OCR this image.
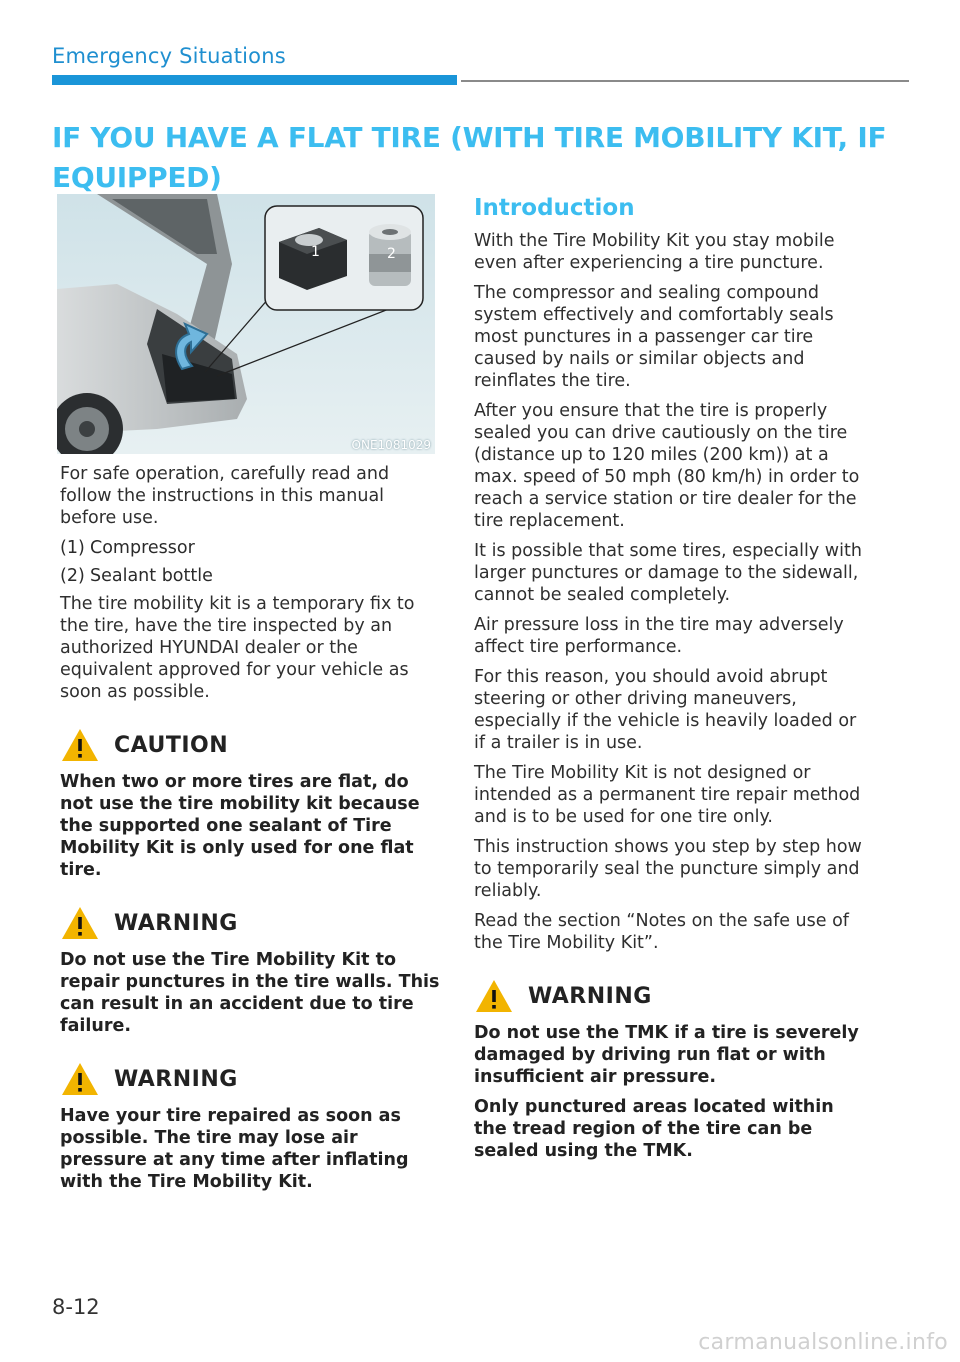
Emergency Situations
IF YOU HAVE A FLAT TIRE (WITH TIRE MOBILITY KIT, IF EQUIPPED)
1	2
ONE1081029

For safe operation, carefully read and follow the instructions in this manual before use.

(1) Compressor
(2) Sealant bottle

The tire mobility kit is a temporary fix to the tire, have the tire inspected by an authorized HYUNDAI dealer or the equivalent approved for your vehicle as soon as possible.

CAUTION

When two or more tires are flat, do not use the tire mobility kit because the supported one sealant of Tire Mobility Kit is only used for one flat tire.

WARNING

Do not use the Tire Mobility Kit to repair punctures in the tire walls. This can result in an accident due to tire failure.

WARNING

Have your tire repaired as soon as possible. The tire may lose air pressure at any time after inflating with the Tire Mobility Kit.

Introduction

With the Tire Mobility Kit you stay mobile even after experiencing a tire puncture.

The compressor and sealing compound system effectively and comfortably seals most punctures in a passenger car tire caused by nails or similar objects and reinflates the tire.

After you ensure that the tire is properly sealed you can drive cautiously on the tire (distance up to 120 miles (200 km)) at a max. speed of 50 mph (80 km/h) in order to reach a service station or tire dealer for the tire replacement.

It is possible that some tires, especially with larger punctures or damage to the sidewall, cannot be sealed completely.

Air pressure loss in the tire may adversely affect tire performance.

For this reason, you should avoid abrupt steering or other driving maneuvers, especially if the vehicle is heavily loaded or if a trailer is in use.

The Tire Mobility Kit is not designed or intended as a permanent tire repair method and is to be used for one tire only.

This instruction shows you step by step how to temporarily seal the puncture simply and reliably.

Read the section “Notes on the safe use of the Tire Mobility Kit”.

WARNING

Do not use the TMK if a tire is severely damaged by driving run flat or with insufficient air pressure.

Only punctured areas located within the tread region of the tire can be sealed using the TMK.

8-12
carmanualsonline.info
